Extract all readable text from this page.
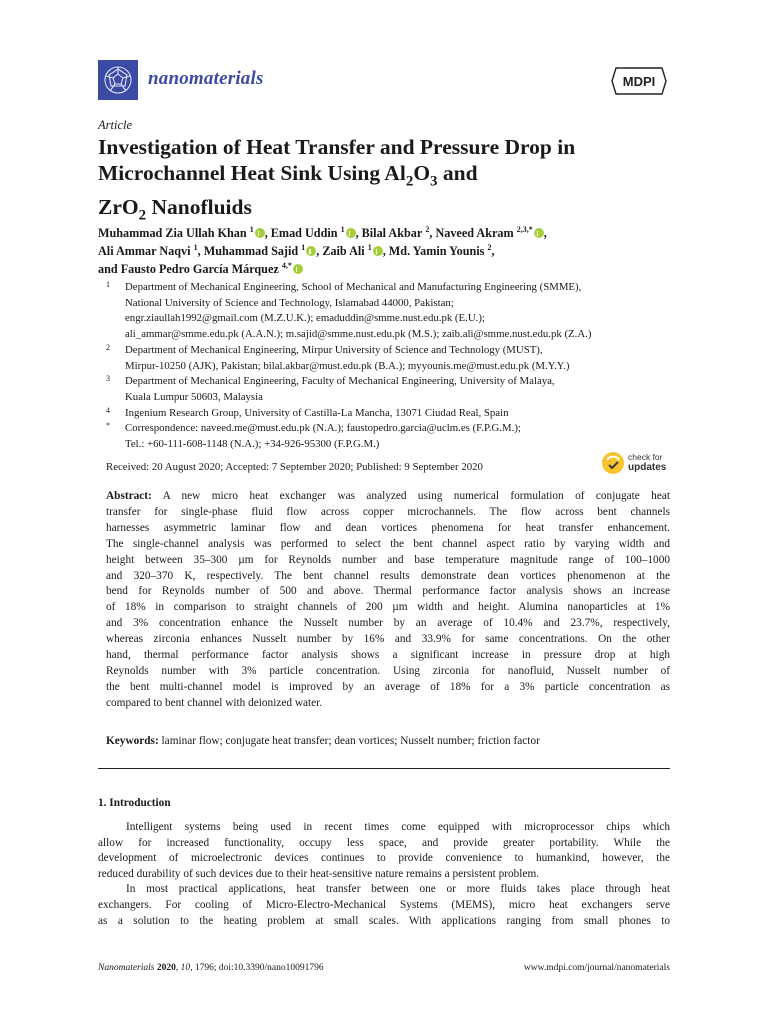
nanomaterials	MDPI
Article
Investigation of Heat Transfer and Pressure Drop in
Microchannel Heat Sink Using $Al_2O_3$ and
ZrO$_2$ Nanofluids
Muhammad Zia Ullah Khan $^1$ , Emad Uddin $^1$ , Bilal Akbar $^2$, Naveed Akram $^{2,3,*}$ ,
Ali Ammar Naqvi $^1$, Muhammad Sajid $^1$ , Zaib Ali $^1$ , Md. Yamin Younis $^2$,
and Fausto Pedro García Márquez $^{4,*}$
1 Department of Mechanical Engineering, School of Mechanical and Manufacturing Engineering (SMME),
National University of Science and Technology, Islamabad 44000, Pakistan;
engr.ziaullah1992@gmail.com (M.Z.U.K.); emaduddin@smme.nust.edu.pk (E.U.);
ali_ammar@smme.edu.pk (A.A.N.); m.sajid@smme.nust.edu.pk (M.S.); zaib.ali@smme.nust.edu.pk (Z.A.)
2 Department of Mechanical Engineering, Mirpur University of Science and Technology (MUST),
Mirpur-10250 (AJK), Pakistan; bilal.akbar@must.edu.pk (B.A.); myyounis.me@must.edu.pk (M.Y.Y.)
3 Department of Mechanical Engineering, Faculty of Mechanical Engineering, University of Malaya,
Kuala Lumpur 50603, Malaysia
4 Ingenium Research Group, University of Castilla-La Mancha, 13071 Ciudad Real, Spain
* Correspondence: naveed.me@must.edu.pk (N.A.); faustopedro.garcia@uclm.es (F.P.G.M.);
Tel.: +60-111-608-1148 (N.A.); +34-926-95300 (F.P.G.M.)
Received: 20 August 2020; Accepted: 7 September 2020; Published: 9 September 2020
check for
updates
Abstract: A new micro heat exchanger was analyzed using numerical formulation of conjugate heat
transfer for single-phase fluid flow across copper microchannels. The flow across bent channels
harnesses asymmetric laminar flow and dean vortices phenomena for heat transfer enhancement.
The single-channel analysis was performed to select the bent channel aspect ratio by varying width and
height between 35–300 µm for Reynolds number and base temperature magnitude range of 100–1000
and 320–370 K, respectively. The bent channel results demonstrate dean vortices phenomenon at the
bend for Reynolds number of 500 and above. Thermal performance factor analysis shows an increase
of 18% in comparison to straight channels of 200 µm width and height. Alumina nanoparticles at 1%
and 3% concentration enhance the Nusselt number by an average of 10.4% and 23.7%, respectively,
whereas zirconia enhances Nusselt number by 16% and 33.9% for same concentrations. On the other
hand, thermal performance factor analysis shows a significant increase in pressure drop at high
Reynolds number with 3% particle concentration. Using zirconia for nanofluid, Nusselt number of
the bent multi-channel model is improved by an average of 18% for a 3% particle concentration as
compared to bent channel with deionized water.
Keywords: laminar flow; conjugate heat transfer; dean vortices; Nusselt number; friction factor
1. Introduction
Intelligent systems being used in recent times come equipped with microprocessor chips which
allow for increased functionality, occupy less space, and provide greater portability. While the
development of microelectronic devices continues to provide convenience to humankind, however, the
reduced durability of such devices due to their heat-sensitive nature remains a persistent problem.
In most practical applications, heat transfer between one or more fluids takes place through heat
exchangers. For cooling of Micro-Electro-Mechanical Systems (MEMS), micro heat exchangers serve
as a solution to the heating problem at small scales. With applications ranging from small phones to
Nanomaterials 2020, 10, 1796; doi:10.3390/nano10091796	www.mdpi.com/journal/nanomaterials
